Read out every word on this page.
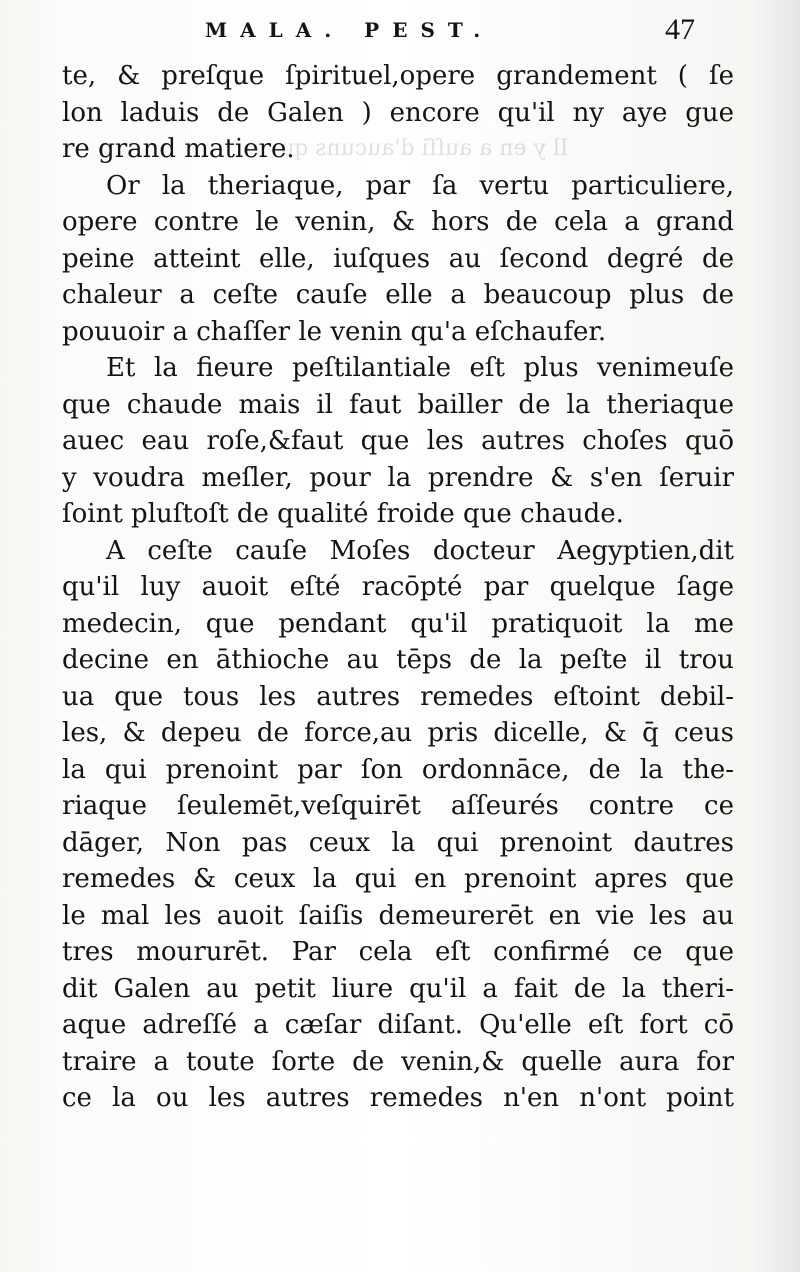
MALA. PEST.	47
Il y en a auſſi d'aucuns qu
te, & preſque ſpirituel,opere grandement ( ſe
lon laduis de Galen ) encore qu'il ny aye gue
re grand matiere.
Or la theriaque, par ſa vertu particuliere,
opere contre le venin, & hors de cela a grand
peine atteint elle, iuſques au ſecond degré de
chaleur a ceſte cauſe elle a beaucoup plus de
pouuoir a chaſſer le venin qu'a eſchaufer.
Et la fieure peſtilantiale eſt plus venimeuſe
que chaude mais il faut bailler de la theriaque
auec eau roſe,&faut que les autres choſes quō
y voudra meſler, pour la prendre & s'en ſeruir
ſoint pluſtoſt de qualité froide que chaude.
A ceſte cauſe Moſes docteur Aegyptien,dit
qu'il luy auoit eſté racōpté par quelque ſage
medecin, que pendant qu'il pratiquoit la me
decine en āthioche au tēps de la peſte il trou
ua que tous les autres remedes eſtoint debil-
les, & depeu de force,au pris dicelle, & q̄ ceus
la qui prenoint par ſon ordonnāce, de la the-
riaque ſeulemēt,veſquirēt aſſeurés contre ce
dāger, Non pas ceux la qui prenoint dautres
remedes & ceux la qui en prenoint apres que
le mal les auoit ſaiſis demeurerēt en vie les au
tres moururēt. Par cela eſt confirmé ce que
dit Galen au petit liure qu'il a fait de la theri-
aque adreſſé a cæſar diſant. Qu'elle eſt fort cō
traire a toute ſorte de venin,& quelle aura for
ce la ou les autres remedes n'en n'ont point
